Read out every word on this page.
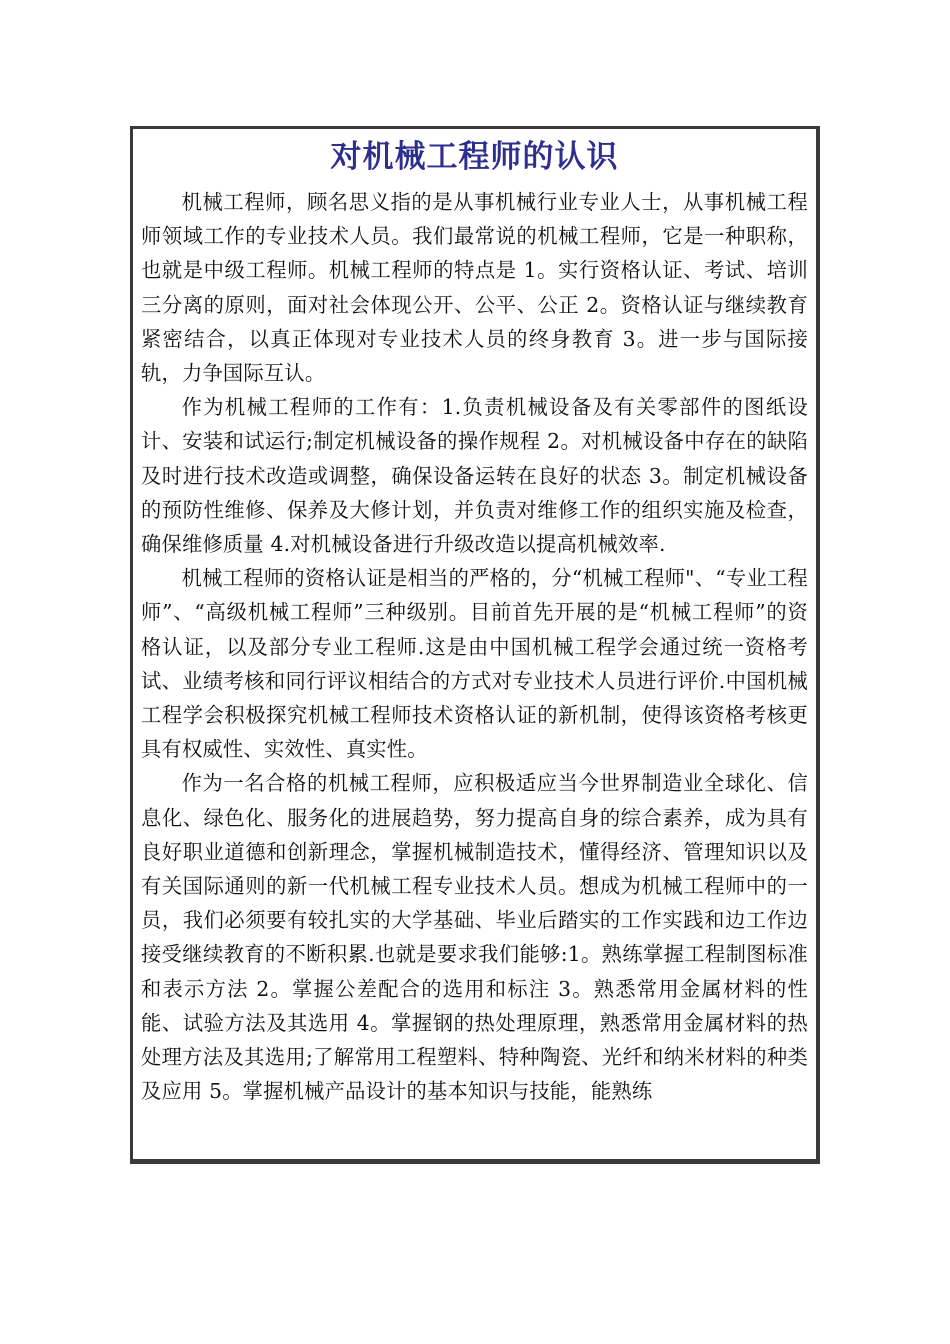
对机械工程师的认识

机械工程师，顾名思义指的是从事机械行业专业人士，从事机械工程师领域工作的专业技术人员。我们最常说的机械工程师，它是一种职称，也就是中级工程师。机械工程师的特点是 1。实行资格认证、考试、培训三分离的原则，面对社会体现公开、公平、公正 2。资格认证与继续教育紧密结合，以真正体现对专业技术人员的终身教育 3。进一步与国际接轨，力争国际互认。

作为机械工程师的工作有：1.负责机械设备及有关零部件的图纸设计、安装和试运行;制定机械设备的操作规程 2。对机械设备中存在的缺陷及时进行技术改造或调整，确保设备运转在良好的状态 3。制定机械设备的预防性维修、保养及大修计划，并负责对维修工作的组织实施及检查，确保维修质量 4.对机械设备进行升级改造以提高机械效率.

机械工程师的资格认证是相当的严格的，分“机械工程师"、“专业工程师”、“高级机械工程师”三种级别。目前首先开展的是“机械工程师”的资格认证，以及部分专业工程师.这是由中国机械工程学会通过统一资格考试、业绩考核和同行评议相结合的方式对专业技术人员进行评价.中国机械工程学会积极探究机械工程师技术资格认证的新机制，使得该资格考核更具有权威性、实效性、真实性。

作为一名合格的机械工程师，应积极适应当今世界制造业全球化、信息化、绿色化、服务化的进展趋势，努力提高自身的综合素养，成为具有良好职业道德和创新理念，掌握机械制造技术，懂得经济、管理知识以及有关国际通则的新一代机械工程专业技术人员。想成为机械工程师中的一员，我们必须要有较扎实的大学基础、毕业后踏实的工作实践和边工作边接受继续教育的不断积累.也就是要求我们能够:1。熟练掌握工程制图标准和表示方法 2。掌握公差配合的选用和标注 3。熟悉常用金属材料的性能、试验方法及其选用 4。掌握钢的热处理原理，熟悉常用金属材料的热处理方法及其选用;了解常用工程塑料、特种陶瓷、光纤和纳米材料的种类及应用 5。掌握机械产品设计的基本知识与技能，能熟练
